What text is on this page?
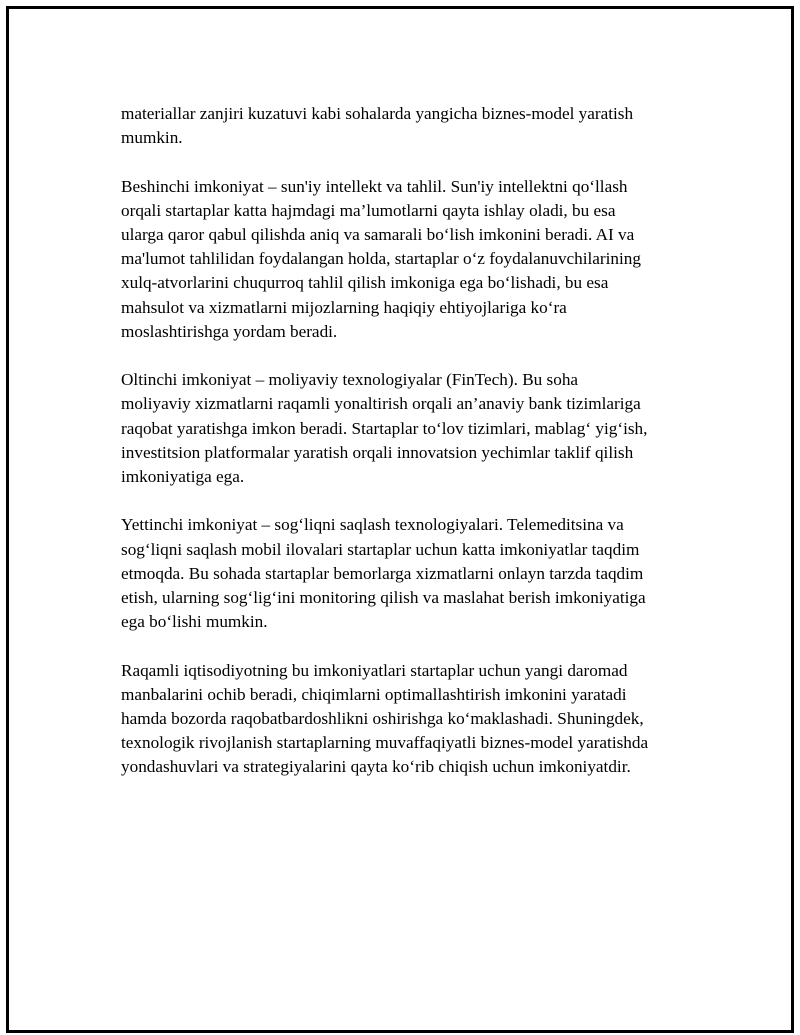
materiallar zanjiri kuzatuvi kabi sohalarda yangicha biznes-model yaratish
mumkin.

Beshinchi imkoniyat – sun'iy intellekt va tahlil. Sun'iy intellektni qo‘llash
orqali startaplar katta hajmdagi ma’lumotlarni qayta ishlay oladi, bu esa
ularga qaror qabul qilishda aniq va samarali bo‘lish imkonini beradi. AI va
ma'lumot tahlilidan foydalangan holda, startaplar o‘z foydalanuvchilarining
xulq-atvorlarini chuqurroq tahlil qilish imkoniga ega bo‘lishadi, bu esa
mahsulot va xizmatlarni mijozlarning haqiqiy ehtiyojlariga ko‘ra
moslashtirishga yordam beradi.

Oltinchi imkoniyat – moliyaviy texnologiyalar (FinTech). Bu soha
moliyaviy xizmatlarni raqamli yonaltirish orqali an’anaviy bank tizimlariga
raqobat yaratishga imkon beradi. Startaplar to‘lov tizimlari, mablag‘ yig‘ish,
investitsion platformalar yaratish orqali innovatsion yechimlar taklif qilish
imkoniyatiga ega.

Yettinchi imkoniyat – sog‘liqni saqlash texnologiyalari. Telemeditsina va
sog‘liqni saqlash mobil ilovalari startaplar uchun katta imkoniyatlar taqdim
etmoqda. Bu sohada startaplar bemorlarga xizmatlarni onlayn tarzda taqdim
etish, ularning sog‘lig‘ini monitoring qilish va maslahat berish imkoniyatiga
ega bo‘lishi mumkin.

Raqamli iqtisodiyotning bu imkoniyatlari startaplar uchun yangi daromad
manbalarini ochib beradi, chiqimlarni optimallashtirish imkonini yaratadi
hamda bozorda raqobatbardoshlikni oshirishga ko‘maklashadi. Shuningdek,
texnologik rivojlanish startaplarning muvaffaqiyatli biznes-model yaratishda
yondashuvlari va strategiyalarini qayta ko‘rib chiqish uchun imkoniyatdir.
